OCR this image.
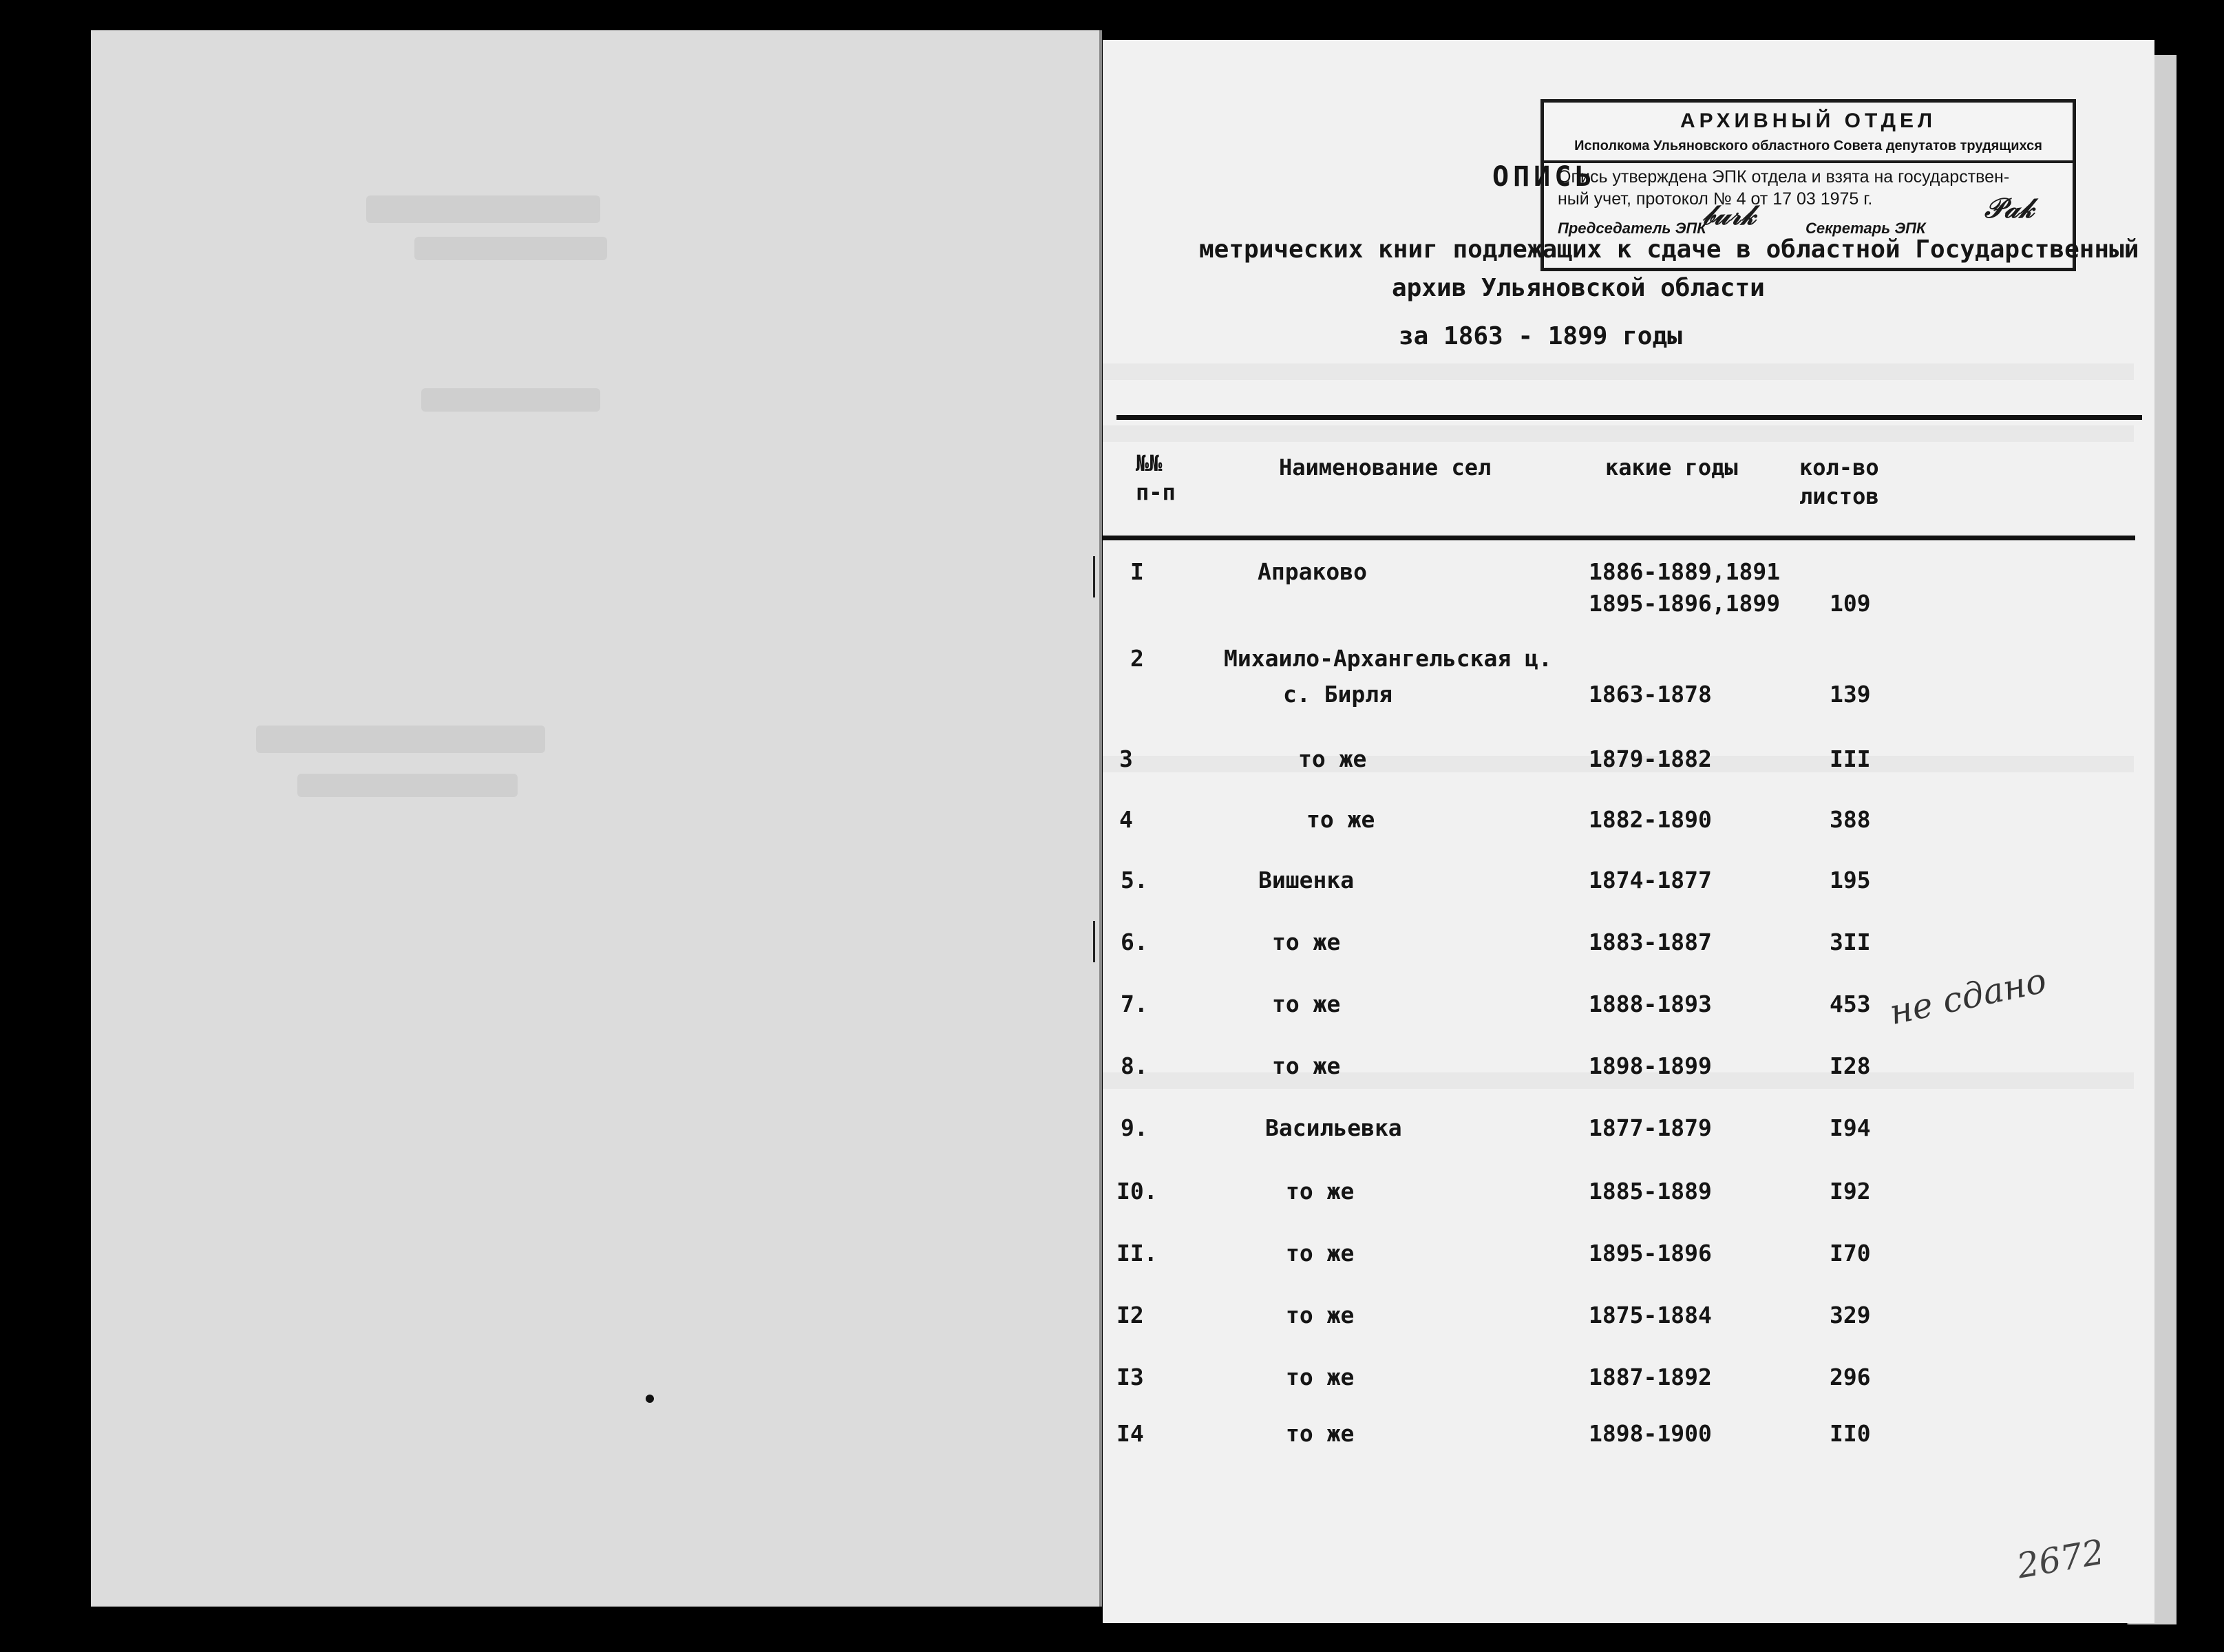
АРХИВНЫЙ ОТДЕЛ
Исполкома Ульяновского областного Совета депутатов трудящихся
Опись утверждена ЭПК отдела и взята на государствен-
ный учет, протокол № 4 от 17 03 1975 г.
Председатель ЭПК
𝒷𝓊𝓇𝓀	Секретарь ЭПК
𝒫𝒶𝓀
ОПИСЬ
метрических книг подлежащих к сдаче в областной Государственный
архив Ульяновской области
за 1863 - 1899 годы
№№
п-п
Наименование сел	какие годы	кол-во
листов
I	Апраково	1886-1889,1891
1895-1896,1899 109
2	Михаило-Архангельская ц.
с. Бирля	1863-1878	139
3	то же	1879-1882	III
4	то же	1882-1890	388
5.	Вишенка	1874-1877	195
6.	то же	1883-1887	3II
7.	то же	1888-1893	453
8.	то же	1898-1899	I28
9.	Васильевка	1877-1879	I94
I0.	то же	1885-1889	I92
II.	то же	1895-1896	I70
I2	то же	1875-1884	329
I3	то же	1887-1892	296
I4	то же	1898-1900	II0
не сдано
2672
